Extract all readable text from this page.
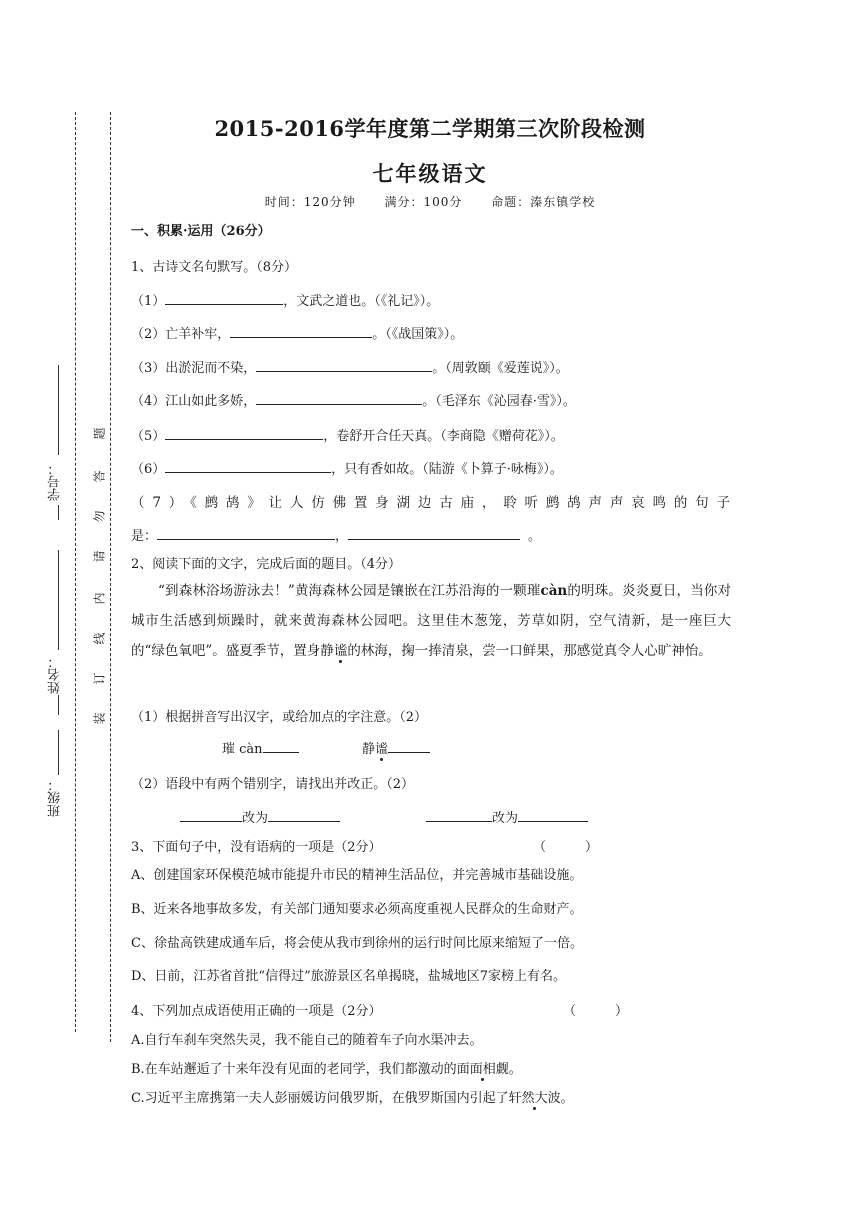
学号：
姓名：
班级：
装
订
线
内
请
勿
答
题
2015-2016学年度第二学期第三次阶段检测
七年级语文
时间：120分钟 满分：100分 命题：溱东镇学校
一、积累·运用（26分）
1、古诗文名句默写。（8分）
（1）	，文武之道也。（《礼记》）。
（2）亡羊补牢，	。（《战国策》）。
（3）出淤泥而不染，	。（周敦颐《爱莲说》）。
（4）江山如此多娇，	。（毛泽东《沁园春·雪》）。
（5）	，卷舒开合任天真。（李商隐《赠荷花》）。
（6）	，只有香如故。（陆游《卜算子·咏梅》）。
（7）《鹧鸪》让人仿佛置身湖边古庙，聆听鹧鸪声声哀鸣的句子
是：	，	。
2、阅读下面的文字，完成后面的题目。（4分）
“到森林浴场游泳去！”黄海森林公园是镶嵌在江苏沿海的一颗璀càn的明珠。炎炎夏日，当你对城市生活感到烦躁时，就来黄海森林公园吧。这里佳木葱笼，芳草如阴，空气清新，是一座巨大的“绿色氧吧”。盛夏季节，置身静谧的林海，掬一捧清泉，尝一口鲜果，那感觉真令人心旷神怡。
（1）根据拼音写出汉字，或给加点的字注意。（2）
璀 càn	静谧
（2）语段中有两个错别字，请找出并改正。（2）
改为	改为
3、下面句子中，没有语病的一项是（2分）	（　　　）
A、创建国家环保模范城市能提升市民的精神生活品位，并完善城市基础设施。
B、近来各地事故多发，有关部门通知要求必须高度重视人民群众的生命财产。
C、徐盐高铁建成通车后，将会使从我市到徐州的运行时间比原来缩短了一倍。
D、日前，江苏省首批“信得过”旅游景区名单揭晓，盐城地区7家榜上有名。
4、下列加点成语使用正确的一项是（2分）	（　　　）
A.自行车刹车突然失灵，我不能自己的随着车子向水渠冲去。
B.在车站邂逅了十来年没有见面的老同学，我们都激动的面面相觑。
C.习近平主席携第一夫人彭丽媛访问俄罗斯，在俄罗斯国内引起了轩然大波。
